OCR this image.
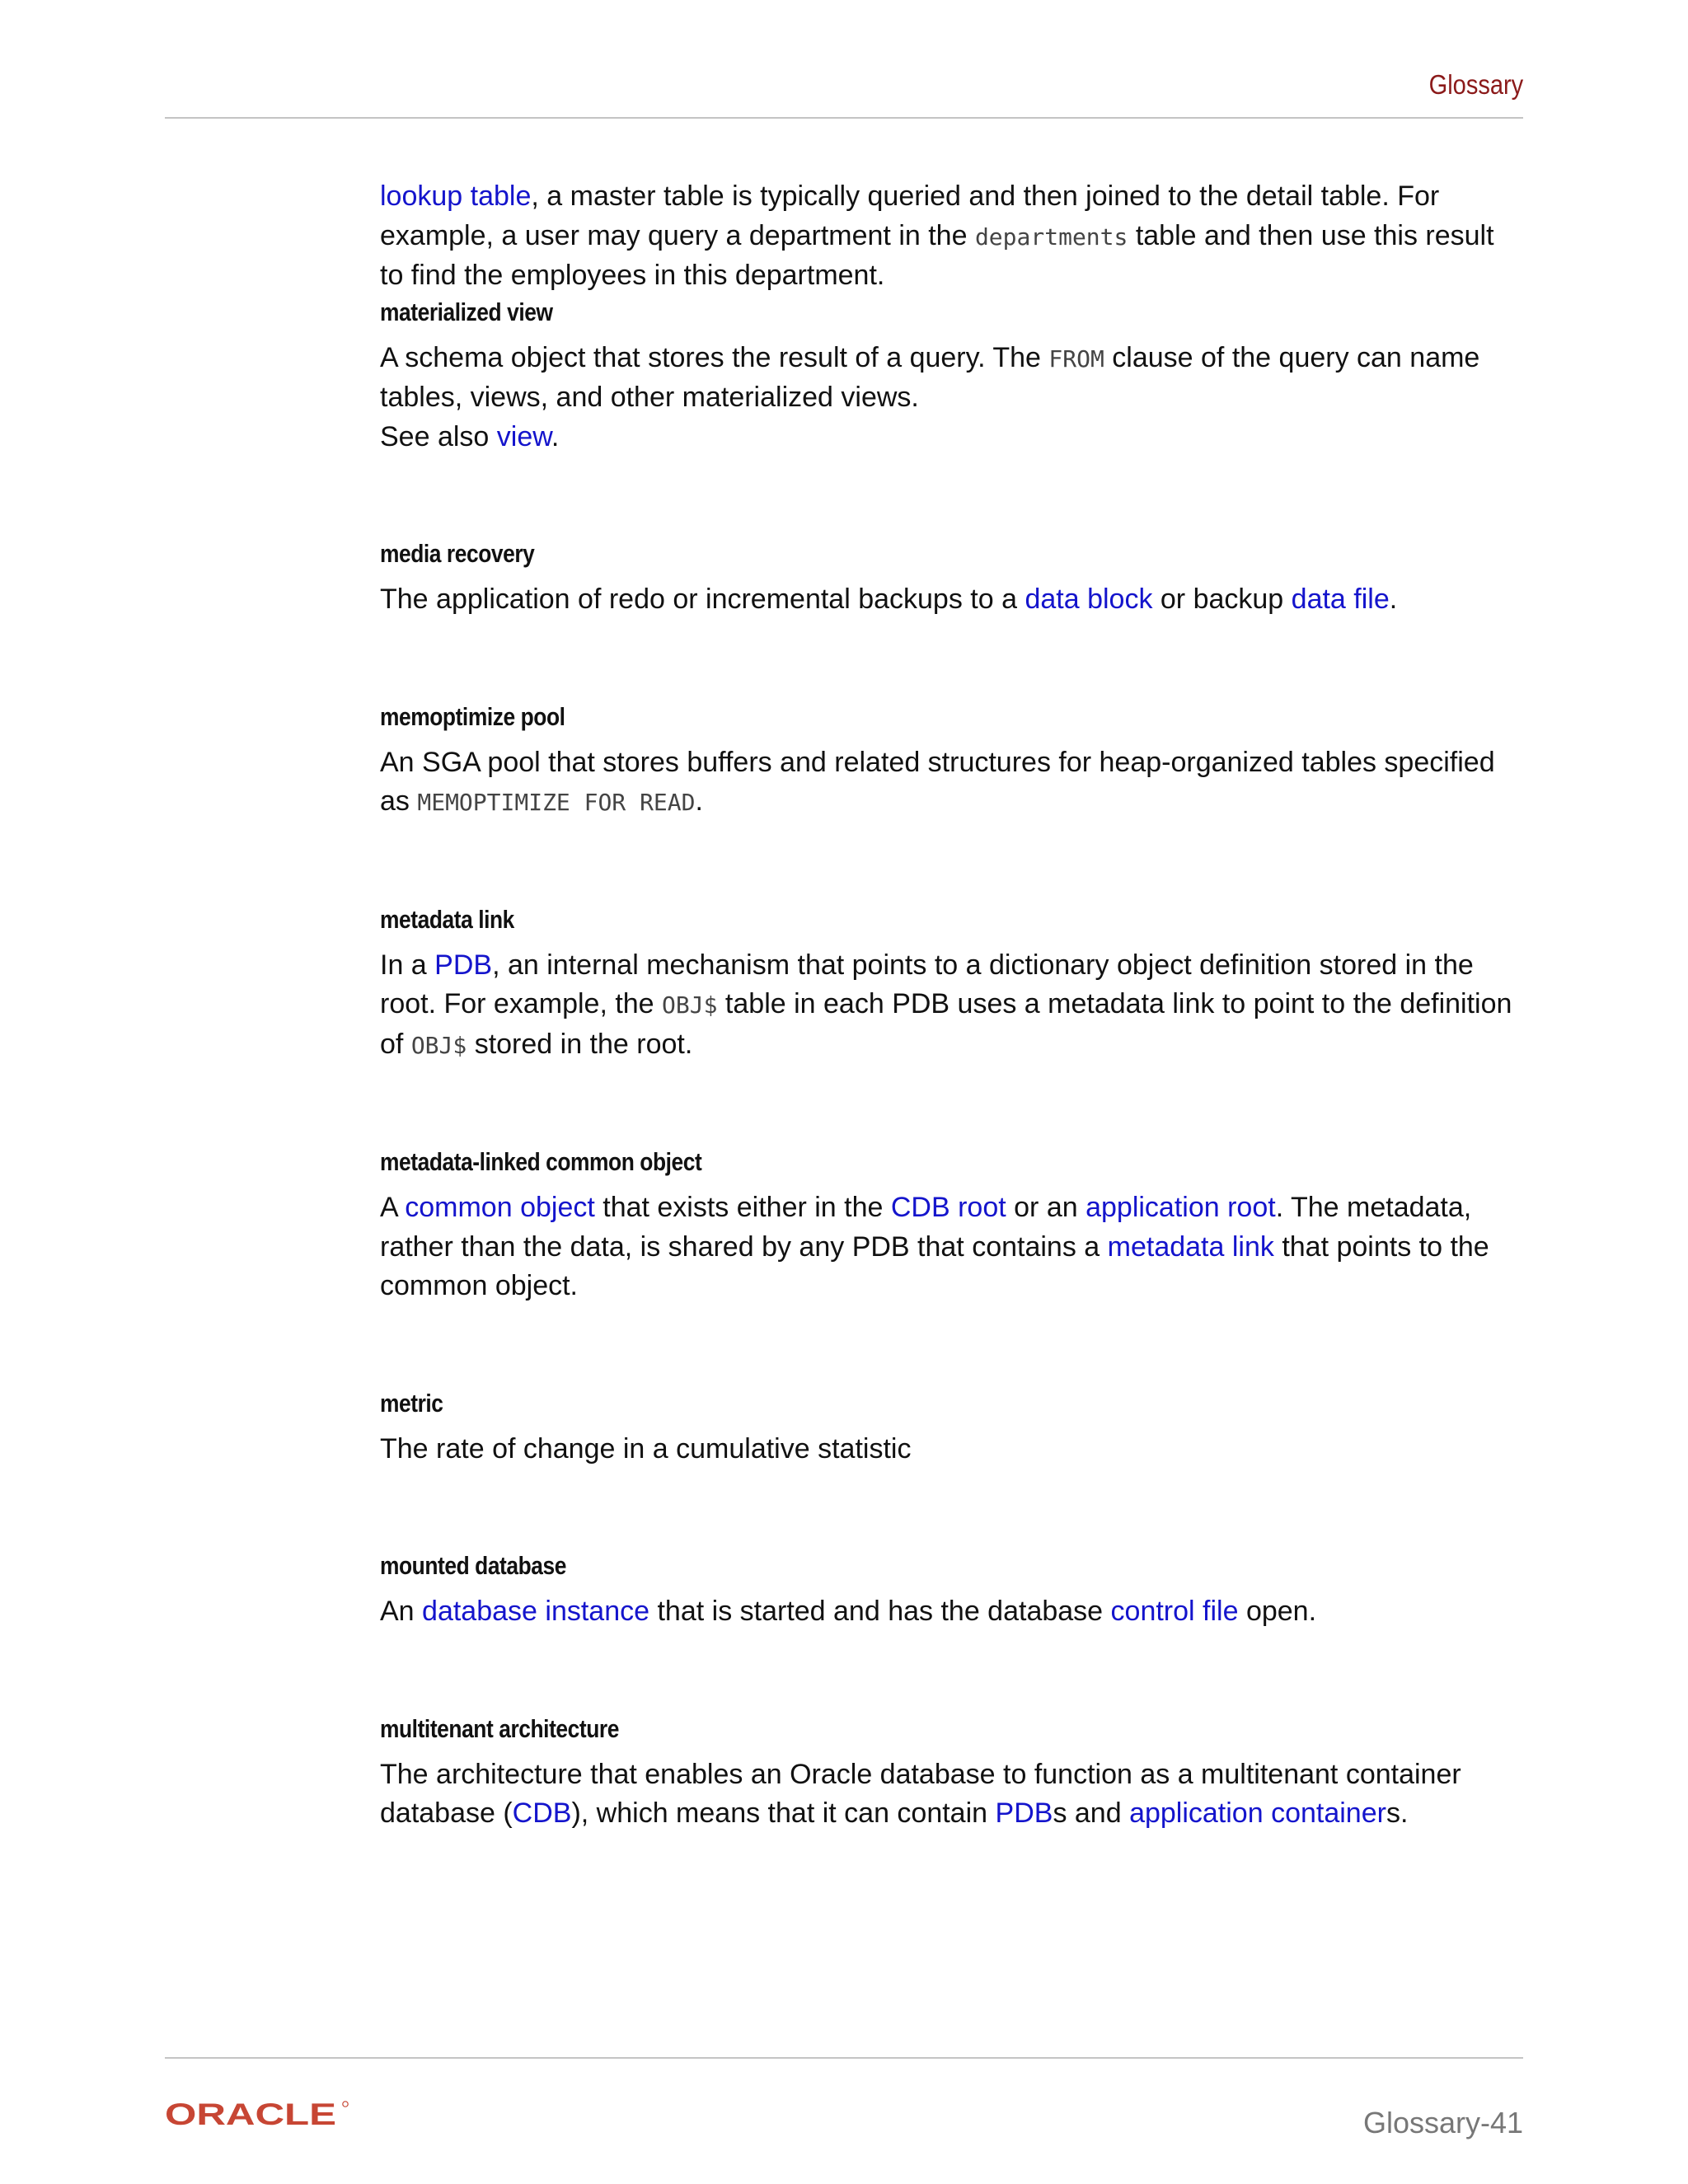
Glossary

lookup table, a master table is typically queried and then joined to the detail table. For example, a user may query a department in the departments table and then use this result to find the employees in this department.

materialized view

A schema object that stores the result of a query. The FROM clause of the query can name tables, views, and other materialized views.

See also view.

media recovery

The application of redo or incremental backups to a data block or backup data file.

memoptimize pool

An SGA pool that stores buffers and related structures for heap-organized tables specified as MEMOPTIMIZE FOR READ.

metadata link

In a PDB, an internal mechanism that points to a dictionary object definition stored in the root. For example, the OBJ$ table in each PDB uses a metadata link to point to the definition of OBJ$ stored in the root.

metadata-linked common object

A common object that exists either in the CDB root or an application root. The metadata, rather than the data, is shared by any PDB that contains a metadata link that points to the common object.

metric

The rate of change in a cumulative statistic

mounted database

An database instance that is started and has the database control file open.

multitenant architecture

The architecture that enables an Oracle database to function as a multitenant container database (CDB), which means that it can contain PDBs and application containers.

ORACLE	Glossary-41
